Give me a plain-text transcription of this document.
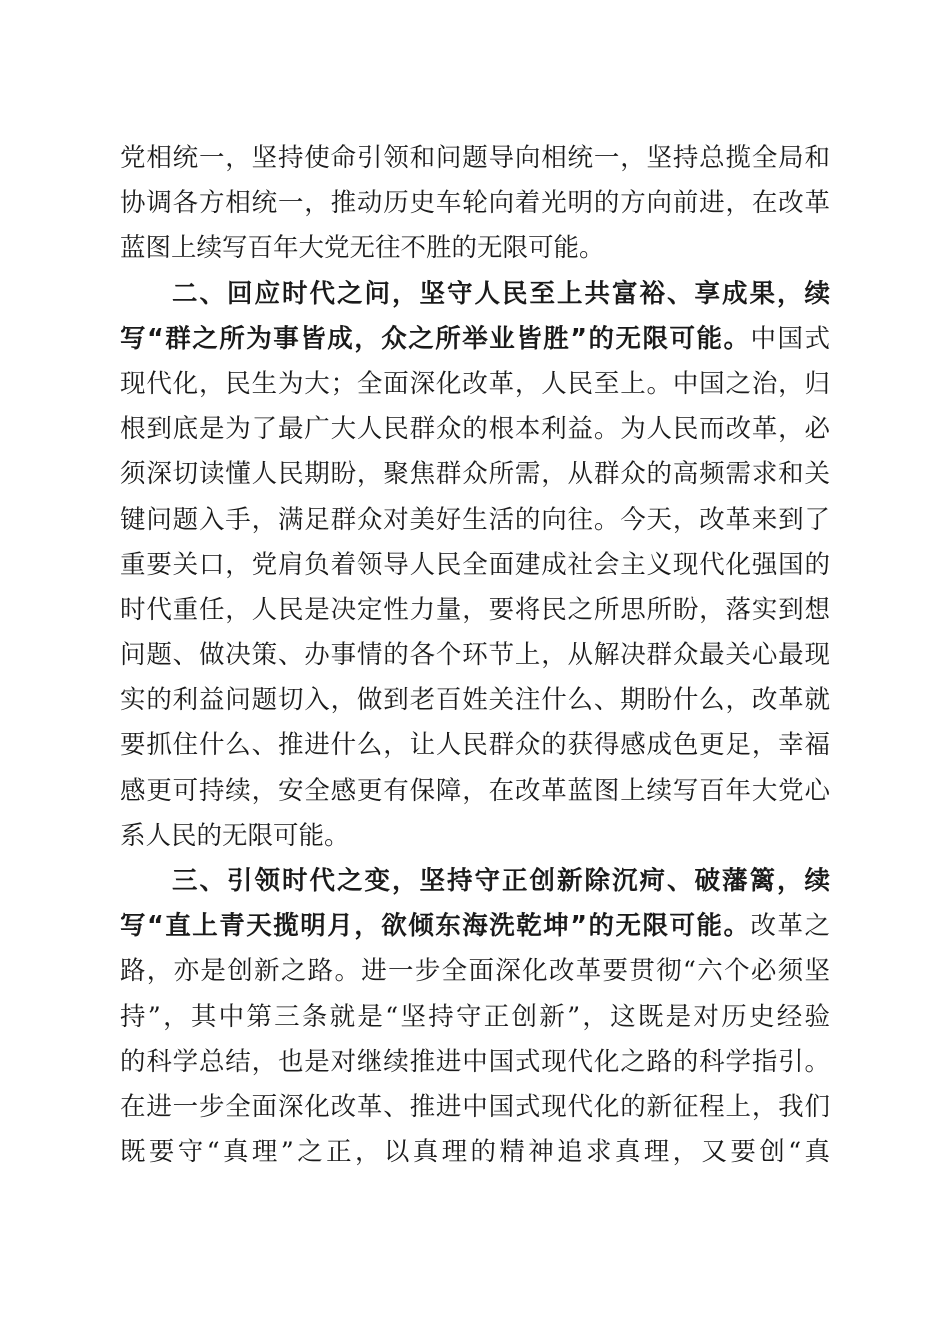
党相统一，坚持使命引领和问题导向相统一，坚持总揽全局和
协调各方相统一，推动历史车轮向着光明的方向前进，在改革
蓝图上续写百年大党无往不胜的无限可能。
二、回应时代之问，坚守人民至上共富裕、享成果，续
写“群之所为事皆成，众之所举业皆胜”的无限可能。中国式
现代化，民生为大；全面深化改革，人民至上。中国之治，归
根到底是为了最广大人民群众的根本利益。为人民而改革，必
须深切读懂人民期盼，聚焦群众所需，从群众的高频需求和关
键问题入手，满足群众对美好生活的向往。今天，改革来到了
重要关口，党肩负着领导人民全面建成社会主义现代化强国的
时代重任，人民是决定性力量，要将民之所思所盼，落实到想
问题、做决策、办事情的各个环节上，从解决群众最关心最现
实的利益问题切入，做到老百姓关注什么、期盼什么，改革就
要抓住什么、推进什么，让人民群众的获得感成色更足，幸福
感更可持续，安全感更有保障，在改革蓝图上续写百年大党心
系人民的无限可能。
三、引领时代之变，坚持守正创新除沉疴、破藩篱，续
写“直上青天揽明月，欲倾东海洗乾坤”的无限可能。改革之
路，亦是创新之路。进一步全面深化改革要贯彻“六个必须坚
持”，其中第三条就是“坚持守正创新”，这既是对历史经验
的科学总结，也是对继续推进中国式现代化之路的科学指引。
在进一步全面深化改革、推进中国式现代化的新征程上，我们
既要守“真理”之正，以真理的精神追求真理，又要创“真
